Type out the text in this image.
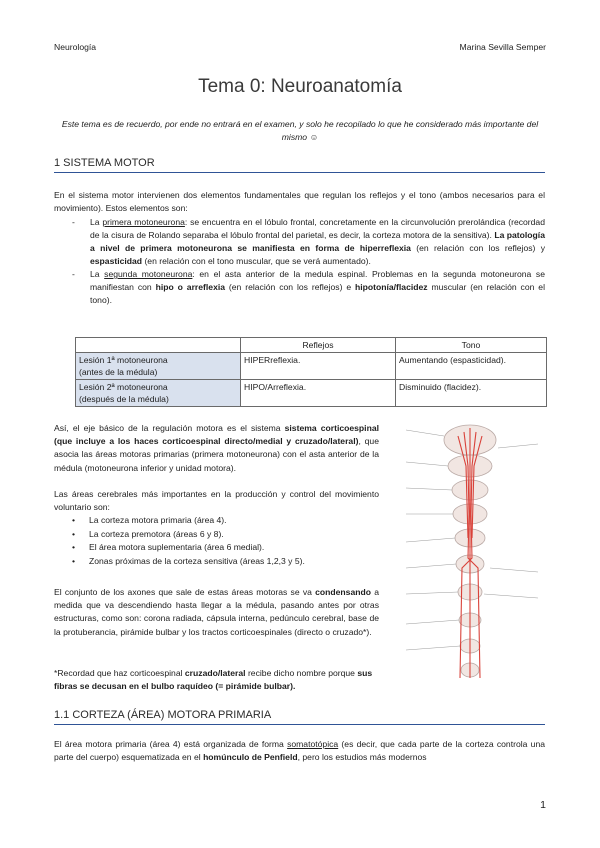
Neurología	Marina Sevilla Semper
Tema 0: Neuroanatomía
Este tema es de recuerdo, por ende no entrará en el examen, y solo he recopilado lo que he considerado más importante del mismo ☺
1 SISTEMA MOTOR
En el sistema motor intervienen dos elementos fundamentales que regulan los reflejos y el tono (ambos necesarios para el movimiento). Estos elementos son:
- La primera motoneurona: se encuentra en el lóbulo frontal, concretamente en la circunvolución prerolándica (recordad de la cisura de Rolando separaba el lóbulo frontal del parietal, es decir, la corteza motora de la sensitiva). La patología a nivel de primera motoneurona se manifiesta en forma de hiperreflexia (en relación con los reflejos) y espasticidad (en relación con el tono muscular, que se verá aumentado).
- La segunda motoneurona: en el asta anterior de la medula espinal. Problemas en la segunda motoneurona se manifiestan con hipo o arreflexia (en relación con los reflejos) e hipotonía/flacidez muscular (en relación con el tono).
	Reflejos	Tono

Lesión 1ª motoneurona
(antes de la médula)	HIPERreflexia.	Aumentando (espasticidad).

Lesión 2ª motoneurona
(después de la médula)	HIPO/Arreflexia.	Disminuido (flacidez).
Así, el eje básico de la regulación motora es el sistema sistema corticoespinal (que incluye a los haces corticoespinal directo/medial y cruzado/lateral), que asocia las áreas motoras primarias (primera motoneurona) con el asta anterior de la médula (motoneurona inferior y unidad motora).
Las áreas cerebrales más importantes en la producción y control del movimiento voluntario son:
• La corteza motora primaria (área 4).
• La corteza premotora (áreas 6 y 8).
• El área motora suplementaria (área 6 medial).
• Zonas próximas de la corteza sensitiva (áreas 1,2,3 y 5).
El conjunto de los axones que sale de estas áreas motoras se va condensando a medida que va descendiendo hasta llegar a la médula, pasando antes por otras estructuras, como son: corona radiada, cápsula interna, pedúnculo cerebral, base de la protuberancia, pirámide bulbar y los tractos corticoespinales (directo o cruzado*).
*Recordad que haz corticoespinal cruzado/lateral recibe dicho nombre porque sus fibras se decusan en el bulbo raquídeo (= pirámide bulbar).
1.1 CORTEZA (ÁREA) MOTORA PRIMARIA
El área motora primaria (área 4) está organizada de forma somatotópica (es decir, que cada parte de la corteza controla una parte del cuerpo) esquematizada en el homúnculo de Penfield, pero los estudios más modernos
1
